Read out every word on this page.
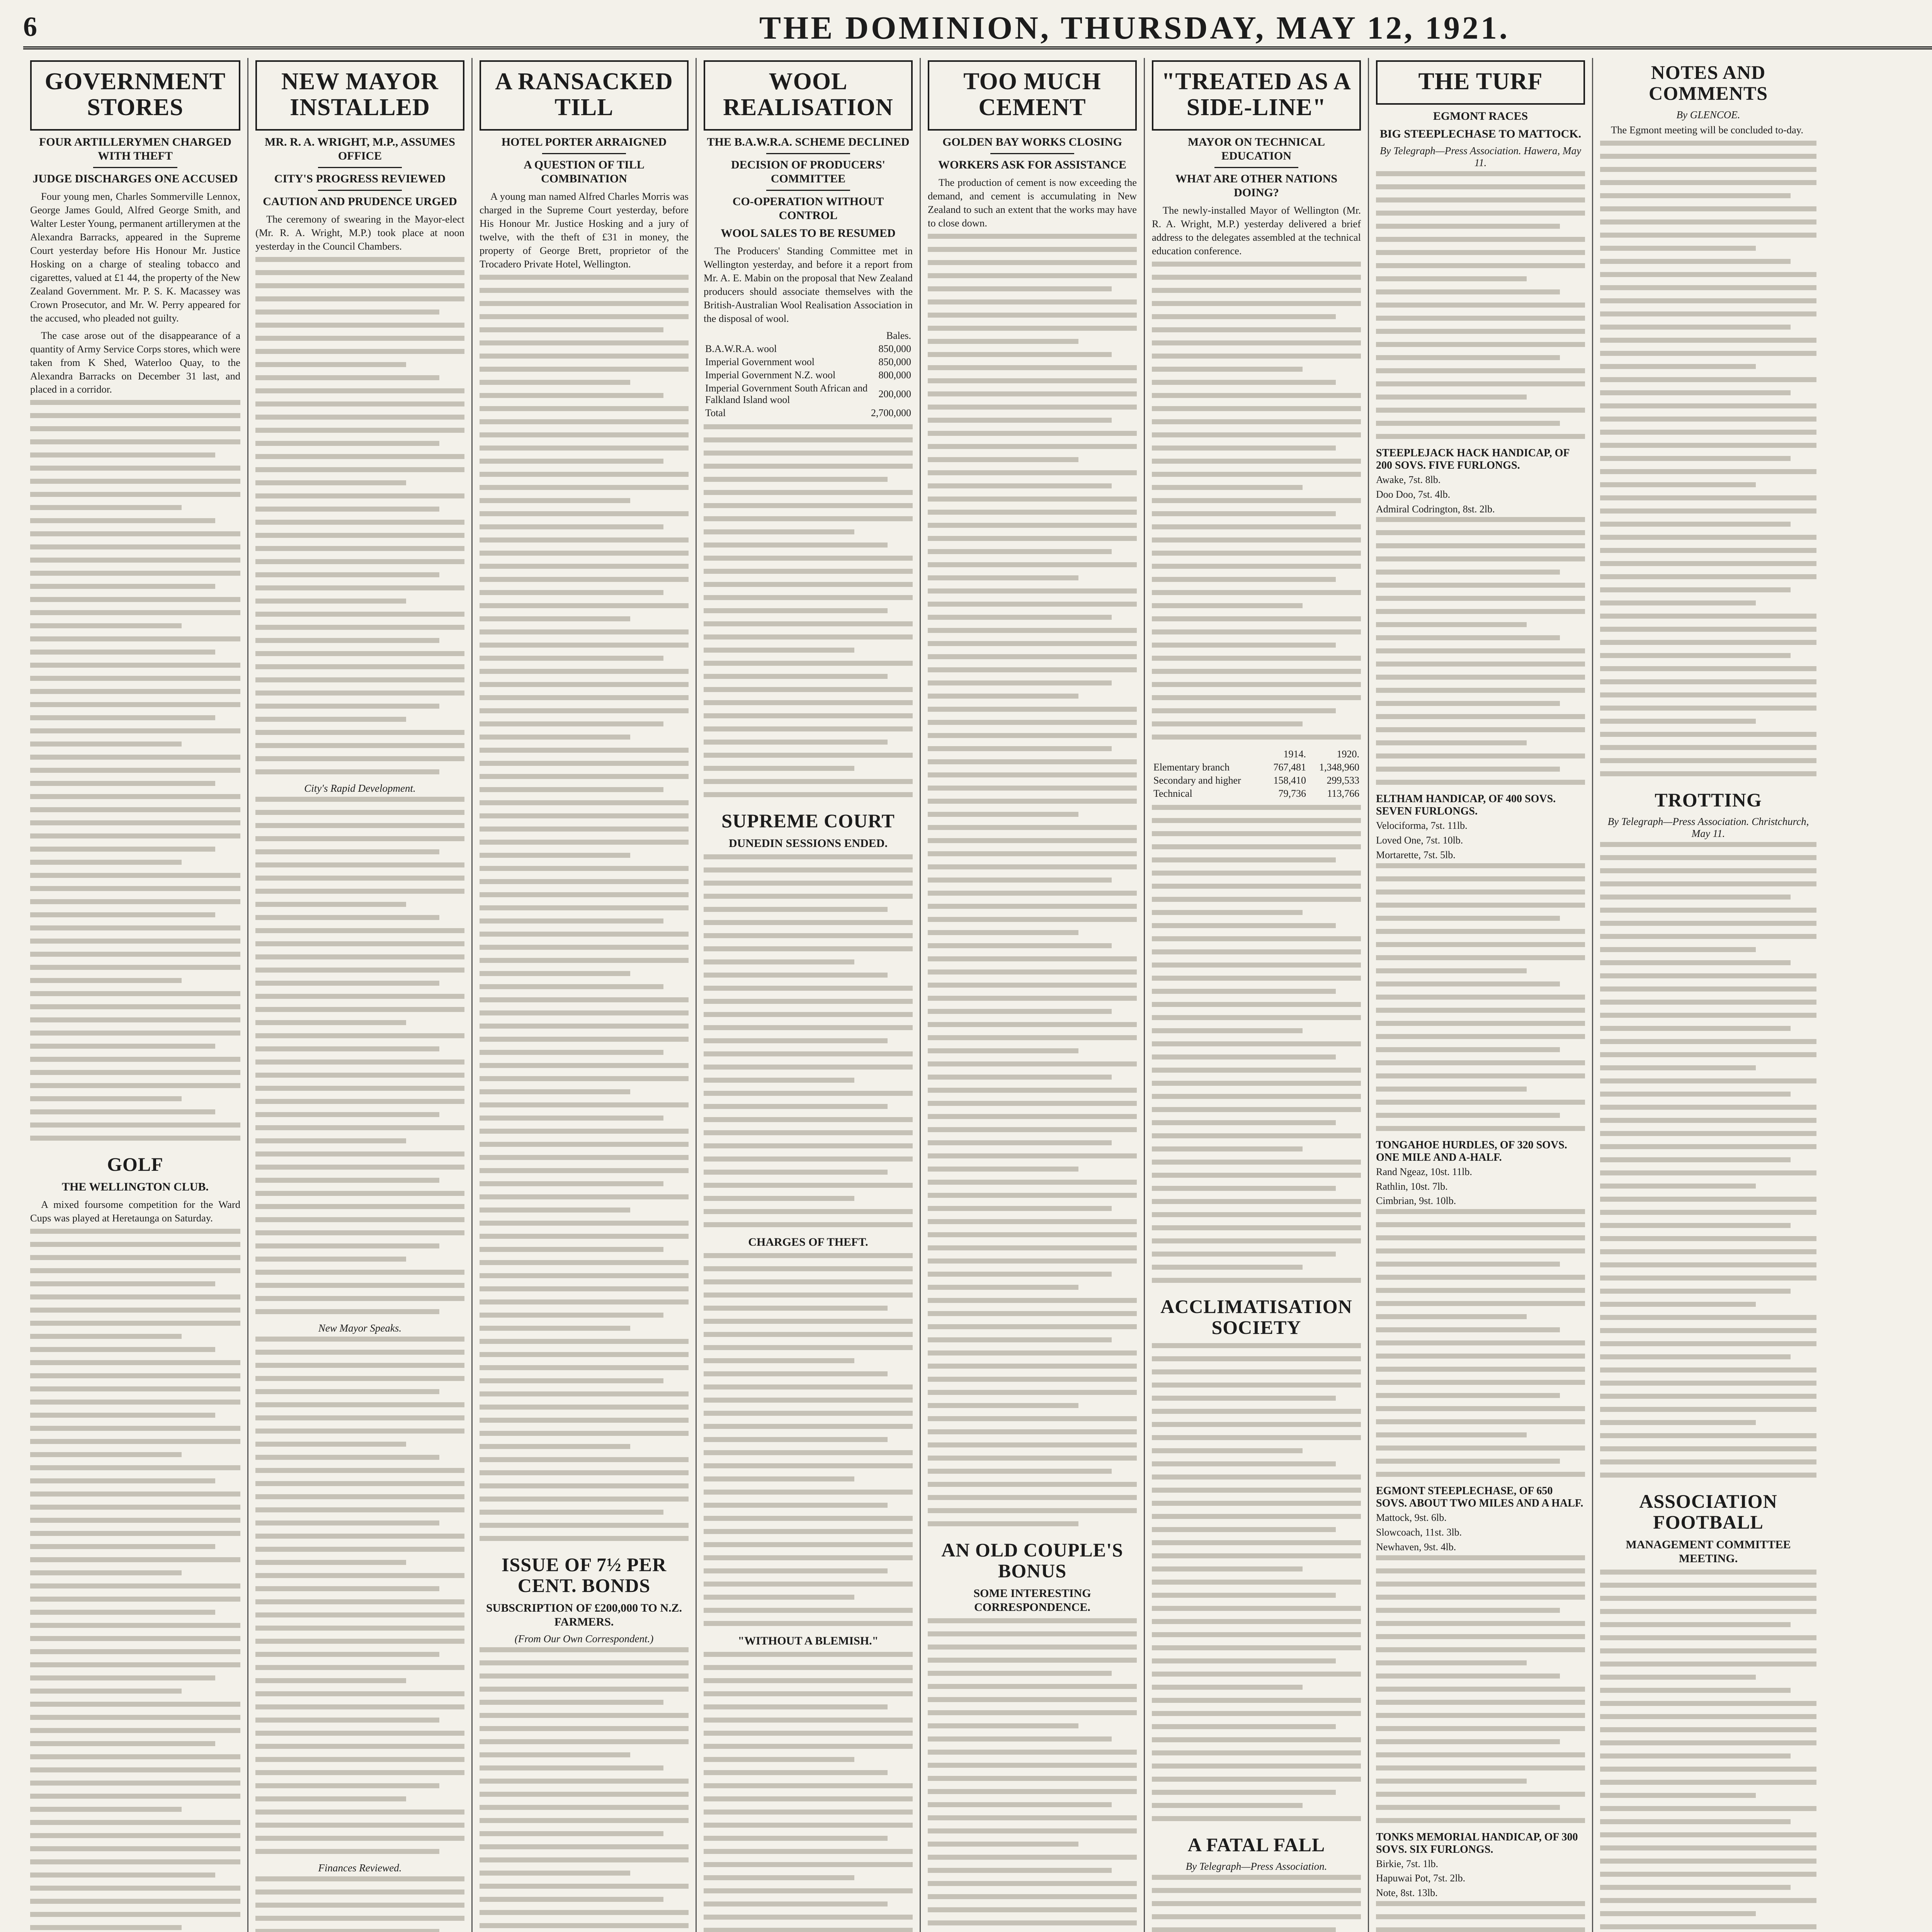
6	THE DOMINION, THURSDAY, MAY 12, 1921.
GOVERNMENT STORES
FOUR ARTILLERYMEN CHARGED WITH THEFT
JUDGE DISCHARGES ONE ACCUSED

Four young men, Charles Sommerville Lennox, George James Gould, Alfred George Smith, and Walter Lester Young, permanent artillerymen at the Alexandra Barracks, appeared in the Supreme Court yesterday before His Honour Mr. Justice Hosking on a charge of stealing tobacco and cigarettes, valued at £1 44, the property of the New Zealand Government. Mr. P. S. K. Macassey was Crown Prosecutor, and Mr. W. Perry appeared for the accused, who pleaded not guilty.

The case arose out of the disappearance of a quantity of Army Service Corps stores, which were taken from K Shed, Waterloo Quay, to the Alexandra Barracks on December 31 last, and placed in a corridor.

GOLF
THE WELLINGTON CLUB.

A mixed foursome competition for the Ward Cups was played at Heretaunga on Saturday.

NEW MAYOR INSTALLED
MR. R. A. WRIGHT, M.P., ASSUMES OFFICE
CITY'S PROGRESS REVIEWED
CAUTION AND PRUDENCE URGED

The ceremony of swearing in the Mayor-elect (Mr. R. A. Wright, M.P.) took place at noon yesterday in the Council Chambers.

City's Rapid Development.
New Mayor Speaks.
Finances Reviewed.
A RANSACKED TILL
HOTEL PORTER ARRAIGNED
A QUESTION OF TILL COMBINATION

A young man named Alfred Charles Morris was charged in the Supreme Court yesterday, before His Honour Mr. Justice Hosking and a jury of twelve, with the theft of £31 in money, the property of George Brett, proprietor of the Trocadero Private Hotel, Wellington.

ISSUE OF 7½ PER CENT. BONDS
SUBSCRIPTION OF £200,000 TO N.Z. FARMERS.
(From Our Own Correspondent.)
WOOL REALISATION
THE B.A.W.R.A. SCHEME DECLINED
DECISION OF PRODUCERS' COMMITTEE
CO-OPERATION WITHOUT CONTROL
WOOL SALES TO BE RESUMED

The Producers' Standing Committee met in Wellington yesterday, and before it a report from Mr. A. E. Mabin on the proposal that New Zealand producers should associate themselves with the British-Australian Wool Realisation Association in the disposal of wool.

	Bales.
B.A.W.R.A. wool	850,000
Imperial Government wool	850,000
Imperial Government N.Z. wool	800,000
Imperial Government South African and Falkland Island wool	200,000
Total	2,700,000
SUPREME COURT
DUNEDIN SESSIONS ENDED.
CHARGES OF THEFT.
"WITHOUT A BLEMISH."
TOO MUCH CEMENT
GOLDEN BAY WORKS CLOSING
WORKERS ASK FOR ASSISTANCE

The production of cement is now exceeding the demand, and cement is accumulating in New Zealand to such an extent that the works may have to close down.

AN OLD COUPLE'S BONUS
SOME INTERESTING CORRESPONDENCE.
"TREATED AS A SIDE-LINE"
MAYOR ON TECHNICAL EDUCATION
WHAT ARE OTHER NATIONS DOING?

The newly-installed Mayor of Wellington (Mr. R. A. Wright, M.P.) yesterday delivered a brief address to the delegates assembled at the technical education conference.

	1914.	1920.
Elementary branch	767,481	1,348,960
Secondary and higher	158,410	299,533
Technical	79,736	113,766
ACCLIMATISATION SOCIETY
A FATAL FALL
By Telegraph—Press Association.
THE TURF
EGMONT RACES
BIG STEEPLECHASE TO MATTOCK.
By Telegraph—Press Association. Hawera, May 11.
STEEPLEJACK HACK HANDICAP, OF 200 SOVS. FIVE FURLONGS.
Awake, 7st. 8lb.
Doo Doo, 7st. 4lb.
Admiral Codrington, 8st. 2lb.
ELTHAM HANDICAP, OF 400 SOVS. SEVEN FURLONGS.
Velociforma, 7st. 11lb.
Loved One, 7st. 10lb.
Mortarette, 7st. 5lb.
TONGAHOE HURDLES, OF 320 SOVS. ONE MILE AND A-HALF.
Rand Ngeaz, 10st. 11lb.
Rathlin, 10st. 7lb.
Cimbrian, 9st. 10lb.
EGMONT STEEPLECHASE, OF 650 SOVS. ABOUT TWO MILES AND A HALF.
Mattock, 9st. 6lb.
Slowcoach, 11st. 3lb.
Newhaven, 9st. 4lb.
TONKS MEMORIAL HANDICAP, OF 300 SOVS. SIX FURLONGS.
Birkie, 7st. 1lb.
Hapuwai Pot, 7st. 2lb.
Note, 8st. 13lb.

NOTES AND COMMENTS
By GLENCOE.

The Egmont meeting will be concluded to-day.

TROTTING
By Telegraph—Press Association. Christchurch, May 11.
ASSOCIATION FOOTBALL
MANAGEMENT COMMITTEE MEETING.
